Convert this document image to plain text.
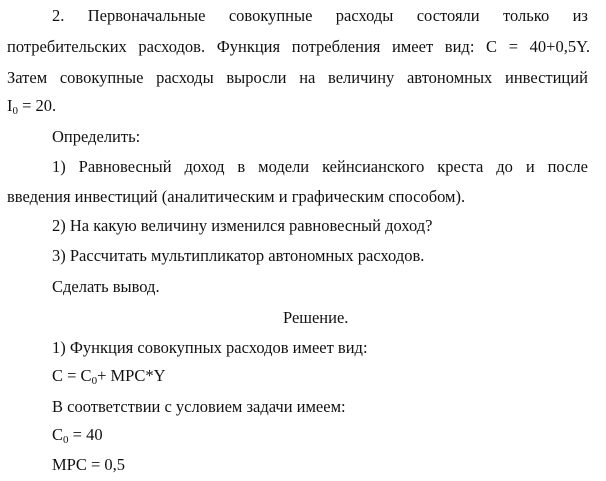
2. Первоначальные совокупные расходы состояли только из
потребительских расходов. Функция потребления имеет вид: C = 40+0,5Y.
Затем совокупные расходы выросли на величину автономных инвестиций
$I_0 = 20$.
Определить:
1) Равновесный доход в модели кейнсианского креста до и после
введения инвестиций (аналитическим и графическим способом).
2) На какую величину изменился равновесный доход?
3) Рассчитать мультипликатор автономных расходов.
Сделать вывод.
Решение.
1) Функция совокупных расходов имеет вид:
$C = C_0+ MPC*Y$
В соответствии с условием задачи имеем:
$C_0 = 40$
MPC = 0,5
